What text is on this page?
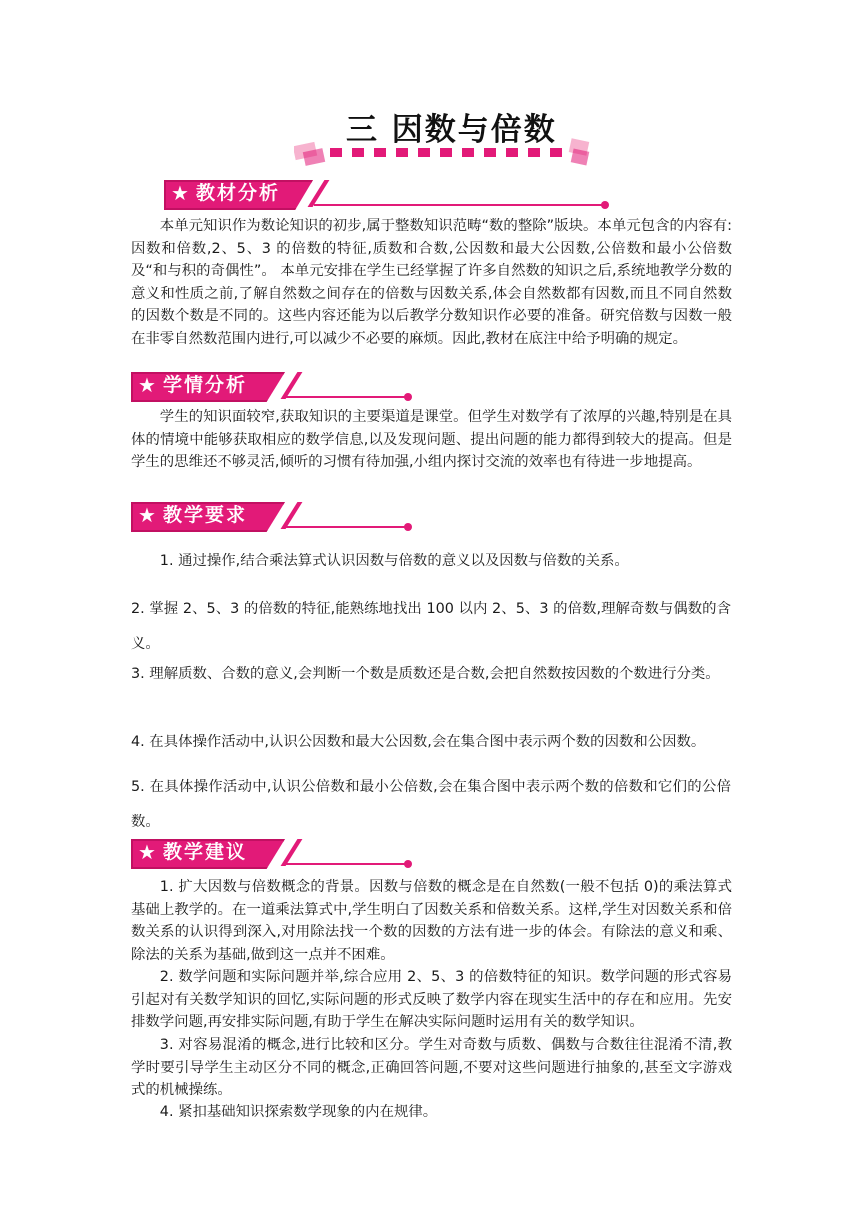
三 因数与倍数
★ 教材分析

本单元知识作为数论知识的初步,属于整数知识范畴“数的整除”版块。本单元包含的内容有:因数和倍数,2、5、3 的倍数的特征,质数和合数,公因数和最大公因数,公倍数和最小公倍数及“和与积的奇偶性”。 本单元安排在学生已经掌握了许多自然数的知识之后,系统地教学分数的意义和性质之前,了解自然数之间存在的倍数与因数关系,体会自然数都有因数,而且不同自然数的因数个数是不同的。这些内容还能为以后教学分数知识作必要的准备。研究倍数与因数一般在非零自然数范围内进行,可以减少不必要的麻烦。因此,教材在底注中给予明确的规定。

★ 学情分析

学生的知识面较窄,获取知识的主要渠道是课堂。但学生对数学有了浓厚的兴趣,特别是在具体的情境中能够获取相应的数学信息,以及发现问题、提出问题的能力都得到较大的提高。但是学生的思维还不够灵活,倾听的习惯有待加强,小组内探讨交流的效率也有待进一步地提高。

★ 教学要求

1. 通过操作,结合乘法算式认识因数与倍数的意义以及因数与倍数的关系。

2. 掌握 2、5、3 的倍数的特征,能熟练地找出 100 以内 2、5、3 的倍数,理解奇数与偶数的含义。

3. 理解质数、合数的意义,会判断一个数是质数还是合数,会把自然数按因数的个数进行分类。

4. 在具体操作活动中,认识公因数和最大公因数,会在集合图中表示两个数的因数和公因数。

5. 在具体操作活动中,认识公倍数和最小公倍数,会在集合图中表示两个数的倍数和它们的公倍数。

★ 教学建议

1. 扩大因数与倍数概念的背景。因数与倍数的概念是在自然数(一般不包括 0)的乘法算式基础上教学的。在一道乘法算式中,学生明白了因数关系和倍数关系。这样,学生对因数关系和倍数关系的认识得到深入,对用除法找一个数的因数的方法有进一步的体会。有除法的意义和乘、除法的关系为基础,做到这一点并不困难。

2. 数学问题和实际问题并举,综合应用 2、5、3 的倍数特征的知识。数学问题的形式容易引起对有关数学知识的回忆,实际问题的形式反映了数学内容在现实生活中的存在和应用。先安排数学问题,再安排实际问题,有助于学生在解决实际问题时运用有关的数学知识。

3. 对容易混淆的概念,进行比较和区分。学生对奇数与质数、偶数与合数往往混淆不清,教学时要引导学生主动区分不同的概念,正确回答问题,不要对这些问题进行抽象的,甚至文字游戏式的机械操练。

4. 紧扣基础知识探索数学现象的内在规律。
